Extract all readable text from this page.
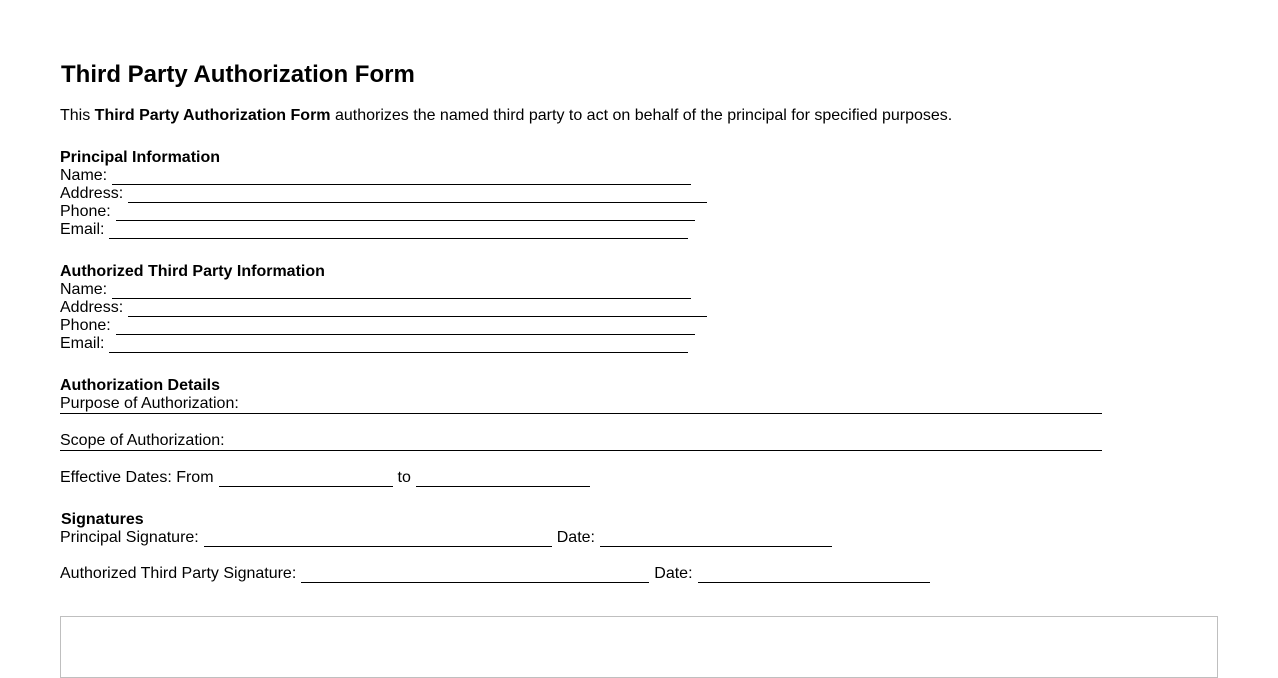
Third Party Authorization Form
This Third Party Authorization Form authorizes the named third party to act on behalf of the principal for specified purposes.
Principal Information
Name:
Address:
Phone:
Email:
Authorized Third Party Information
Name:
Address:
Phone:
Email:
Authorization Details
Purpose of Authorization:
Scope of Authorization:
Effective Dates: From	to
Signatures
Principal Signature:	Date:
Authorized Third Party Signature:	Date:
